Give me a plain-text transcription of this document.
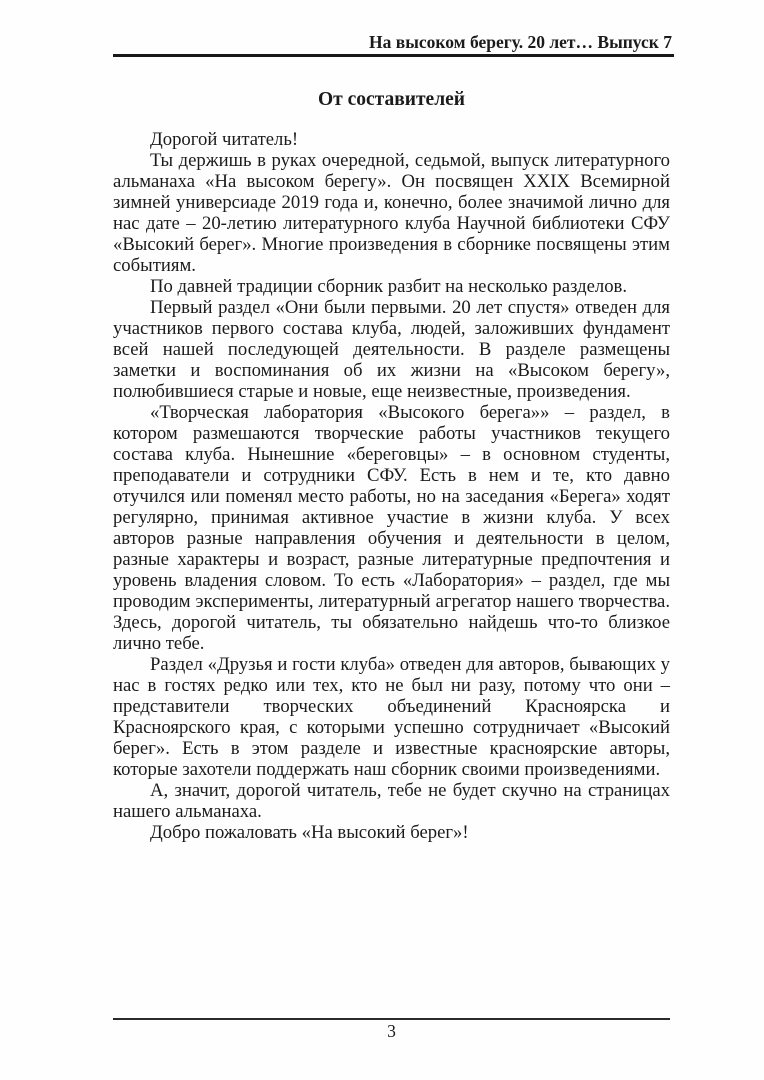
На высоком берегу. 20 лет… Выпуск 7
От составителей

Дорогой читатель!

Ты держишь в руках очередной, седьмой, выпуск литературного альманаха «На высоком берегу». Он посвящен XXIX Всемирной зимней универсиаде 2019 года и, конечно, более значимой лично для нас дате – 20-летию литературного клуба Научной библиотеки СФУ «Высокий берег». Многие произведения в сборнике посвящены этим событиям.

По давней традиции сборник разбит на несколько разделов.

Первый раздел «Они были первыми. 20 лет спустя» отведен для участников первого состава клуба, людей, заложивших фундамент всей нашей последующей деятельности. В разделе размещены заметки и воспоминания об их жизни на «Высоком берегу», полюбившиеся старые и новые, еще неизвестные, произведения.

«Творческая лаборатория «Высокого берега»» – раздел, в котором размешаются творческие работы участников текущего состава клуба. Нынешние «береговцы» – в основном студенты, преподаватели и сотрудники СФУ. Есть в нем и те, кто давно отучился или поменял место работы, но на заседания «Берега» ходят регулярно, принимая активное участие в жизни клуба. У всех авторов разные направления обучения и деятельности в целом, разные характеры и возраст, разные литературные предпочтения и уровень владения словом. То есть «Лаборатория» – раздел, где мы проводим эксперименты, литературный агрегатор нашего творчества. Здесь, дорогой читатель, ты обязательно найдешь что-то близкое лично тебе.

Раздел «Друзья и гости клуба» отведен для авторов, бывающих у нас в гостях редко или тех, кто не был ни разу, потому что они – представители творческих объединений Красноярска и Красноярского края, с которыми успешно сотрудничает «Высокий берег». Есть в этом разделе и известные красноярские авторы, которые захотели поддержать наш сборник своими произведениями.

А, значит, дорогой читатель, тебе не будет скучно на страницах нашего альманаха.

Добро пожаловать «На высокий берег»!

3
